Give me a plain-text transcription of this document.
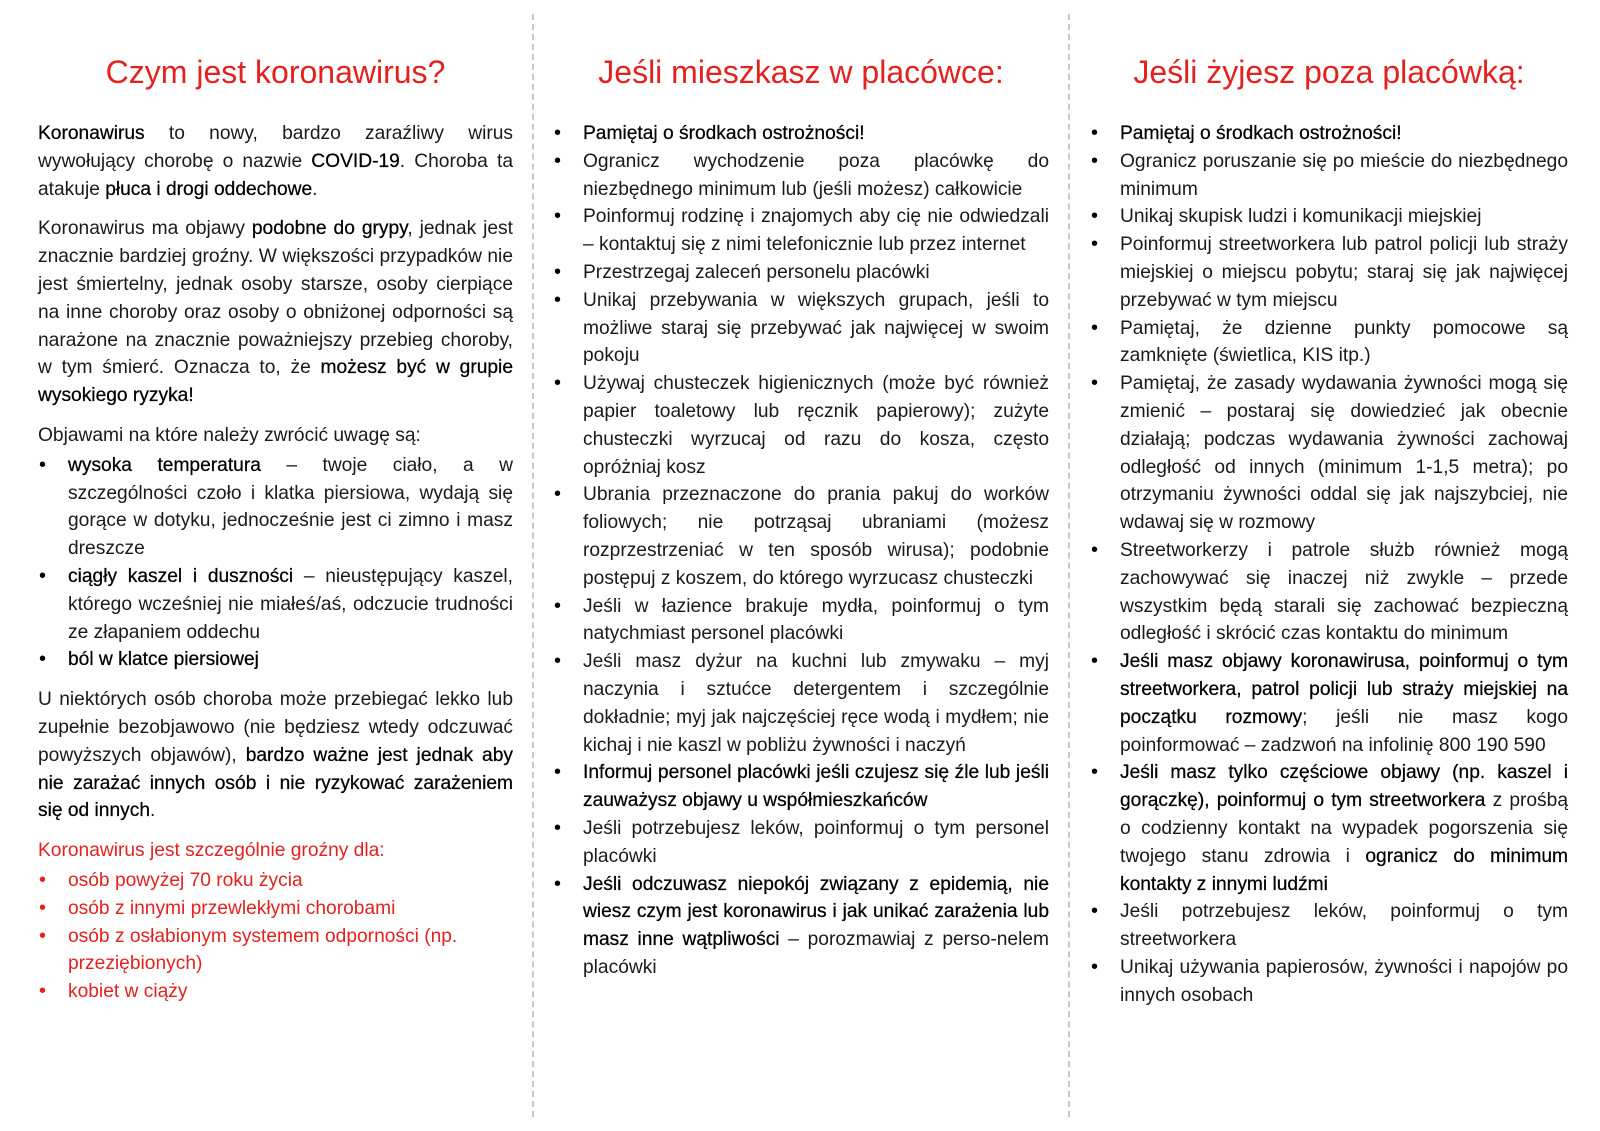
Czym jest koronawirus?

Koronawirus to nowy, bardzo zaraźliwy wirus wywołujący chorobę o nazwie COVID-19. Choroba ta atakuje płuca i drogi oddechowe.

Koronawirus ma objawy podobne do grypy, jednak jest znacznie bardziej groźny. W większości przypadków nie jest śmiertelny, jednak osoby starsze, osoby cierpiące na inne choroby oraz osoby o obniżonej odporności są narażone na znacznie poważniejszy przebieg choroby, w tym śmierć. Oznacza to, że możesz być w grupie wysokiego ryzyka!

Objawami na które należy zwrócić uwagę są:

• wysoka temperatura – twoje ciało, a w szczególności czoło i klatka piersiowa, wydają się gorące w dotyku, jednocześnie jest ci zimno i masz dreszcze
• ciągły kaszel i duszności – nieustępujący kaszel, którego wcześniej nie miałeś/aś, odczucie trudności ze złapaniem oddechu
• ból w klatce piersiowej

U niektórych osób choroba może przebiegać lekko lub zupełnie bezobjawowo (nie będziesz wtedy odczuwać powyższych objawów), bardzo ważne jest jednak aby nie zarażać innych osób i nie ryzykować zarażeniem się od innych.

Koronawirus jest szczególnie groźny dla:

• osób powyżej 70 roku życia
• osób z innymi przewlekłymi chorobami
• osób z osłabionym systemem odporności (np. przeziębionych)
• kobiet w ciąży
Jeśli mieszkasz w placówce:
• Pamiętaj o środkach ostrożności!
• Ogranicz wychodzenie poza placówkę do niezbędnego minimum lub (jeśli możesz) całkowicie
• Poinformuj rodzinę i znajomych aby cię nie odwiedzali – kontaktuj się z nimi telefonicznie lub przez internet
• Przestrzegaj zaleceń personelu placówki
• Unikaj przebywania w większych grupach, jeśli to możliwe staraj się przebywać jak najwięcej w swoim pokoju
• Używaj chusteczek higienicznych (może być również papier toaletowy lub ręcznik papierowy); zużyte chusteczki wyrzucaj od razu do kosza, często opróżniaj kosz
• Ubrania przeznaczone do prania pakuj do worków foliowych; nie potrząsaj ubraniami (możesz rozprzestrzeniać w ten sposób wirusa); podobnie postępuj z koszem, do którego wyrzucasz chusteczki
• Jeśli w łazience brakuje mydła, poinformuj o tym natychmiast personel placówki
• Jeśli masz dyżur na kuchni lub zmywaku – myj naczynia i sztućce detergentem i szczególnie dokładnie; myj jak najczęściej ręce wodą i mydłem; nie kichaj i nie kaszl w pobliżu żywności i naczyń
• Informuj personel placówki jeśli czujesz się źle lub jeśli zauważysz objawy u współmieszkańców
• Jeśli potrzebujesz leków, poinformuj o tym personel placówki
• Jeśli odczuwasz niepokój związany z epidemią, nie wiesz czym jest koronawirus i jak unikać zarażenia lub masz inne wątpliwości – porozmawiaj z perso-nelem placówki
Jeśli żyjesz poza placówką:
• Pamiętaj o środkach ostrożności!
• Ogranicz poruszanie się po mieście do niezbędnego minimum
• Unikaj skupisk ludzi i komunikacji miejskiej
• Poinformuj streetworkera lub patrol policji lub straży miejskiej o miejscu pobytu; staraj się jak najwięcej przebywać w tym miejscu
• Pamiętaj, że dzienne punkty pomocowe są zamknięte (świetlica, KIS itp.)
• Pamiętaj, że zasady wydawania żywności mogą się zmienić – postaraj się dowiedzieć jak obecnie działają; podczas wydawania żywności zachowaj odległość od innych (minimum 1-1,5 metra); po otrzymaniu żywności oddal się jak najszybciej, nie wdawaj się w rozmowy
• Streetworkerzy i patrole służb również mogą zachowywać się inaczej niż zwykle – przede wszystkim będą starali się zachować bezpieczną odległość i skrócić czas kontaktu do minimum
• Jeśli masz objawy koronawirusa, poinformuj o tym streetworkera, patrol policji lub straży miejskiej na początku rozmowy; jeśli nie masz kogo poinformować – zadzwoń na infolinię 800 190 590
• Jeśli masz tylko częściowe objawy (np. kaszel i gorączkę), poinformuj o tym streetworkera z prośbą o codzienny kontakt na wypadek pogorszenia się twojego stanu zdrowia i ogranicz do minimum kontakty z innymi ludźmi
• Jeśli potrzebujesz leków, poinformuj o tym streetworkera
• Unikaj używania papierosów, żywności i napojów po innych osobach
